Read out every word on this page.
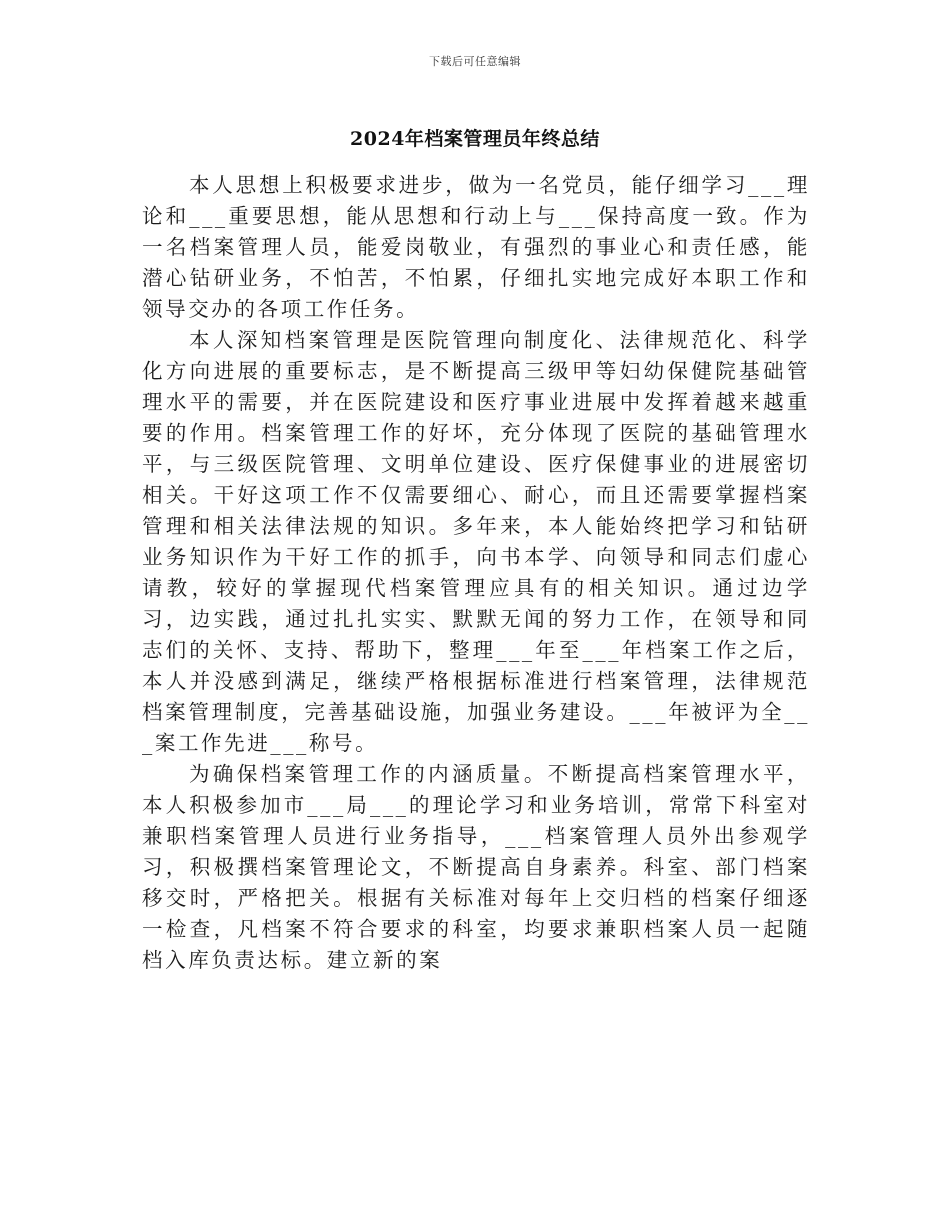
下载后可任意编辑
2024年档案管理员年终总结

本人思想上积极要求进步，做为一名党员，能仔细学习___理论和___重要思想，能从思想和行动上与___保持高度一致。作为一名档案管理人员，能爱岗敬业，有强烈的事业心和责任感，能潜心钻研业务，不怕苦，不怕累，仔细扎实地完成好本职工作和领导交办的各项工作任务。

本人深知档案管理是医院管理向制度化、法律规范化、科学化方向进展的重要标志，是不断提高三级甲等妇幼保健院基础管理水平的需要，并在医院建设和医疗事业进展中发挥着越来越重要的作用。档案管理工作的好坏，充分体现了医院的基础管理水平，与三级医院管理、文明单位建设、医疗保健事业的进展密切相关。干好这项工作不仅需要细心、耐心，而且还需要掌握档案管理和相关法律法规的知识。多年来，本人能始终把学习和钻研业务知识作为干好工作的抓手，向书本学、向领导和同志们虚心请教，较好的掌握现代档案管理应具有的相关知识。通过边学习，边实践，通过扎扎实实、默默无闻的努力工作，在领导和同志们的关怀、支持、帮助下，整理___年至___年档案工作之后，本人并没感到满足，继续严格根据标准进行档案管理，法律规范档案管理制度，完善基础设施，加强业务建设。___年被评为全___案工作先进___称号。

为确保档案管理工作的内涵质量。不断提高档案管理水平，本人积极参加市___局___的理论学习和业务培训，常常下科室对兼职档案管理人员进行业务指导，___档案管理人员外出参观学习，积极撰档案管理论文，不断提高自身素养。科室、部门档案移交时，严格把关。根据有关标准对每年上交归档的档案仔细逐一检查，凡档案不符合要求的科室，均要求兼职档案人员一起随档入库负责达标。建立新的案
